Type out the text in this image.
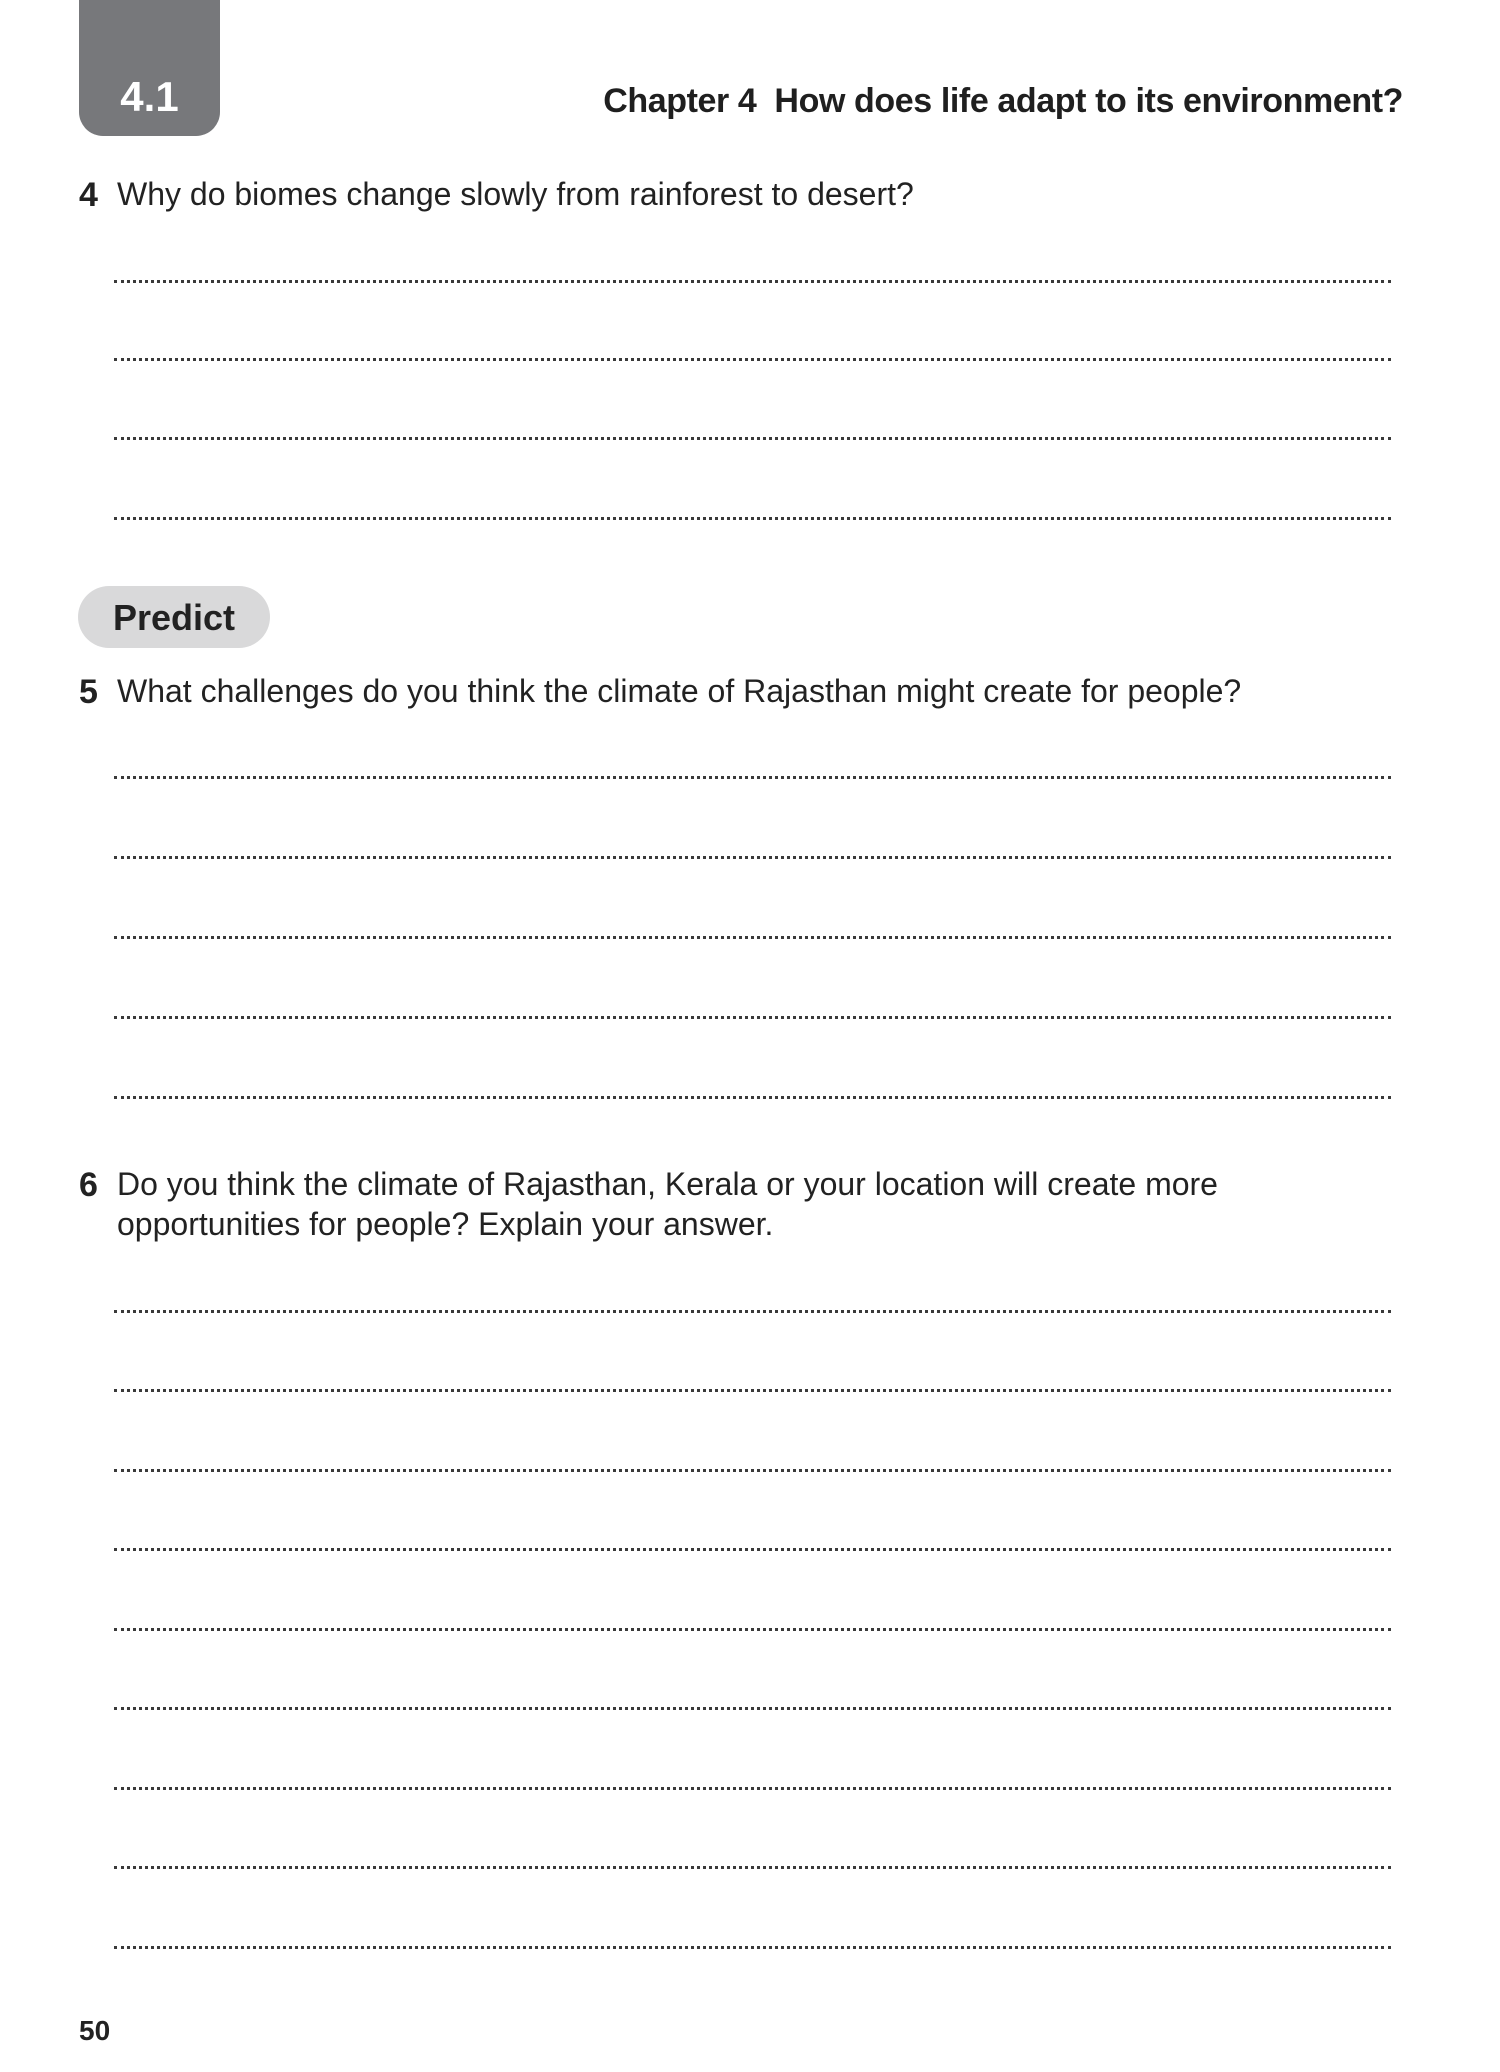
4.1	Chapter 4 How does life adapt to its environment?
4 Why do biomes change slowly from rainforest to desert?
Predict
5 What challenges do you think the climate of Rajasthan might create for people?
6 Do you think the climate of Rajasthan, Kerala or your location will create more opportunities for people? Explain your answer.
50
